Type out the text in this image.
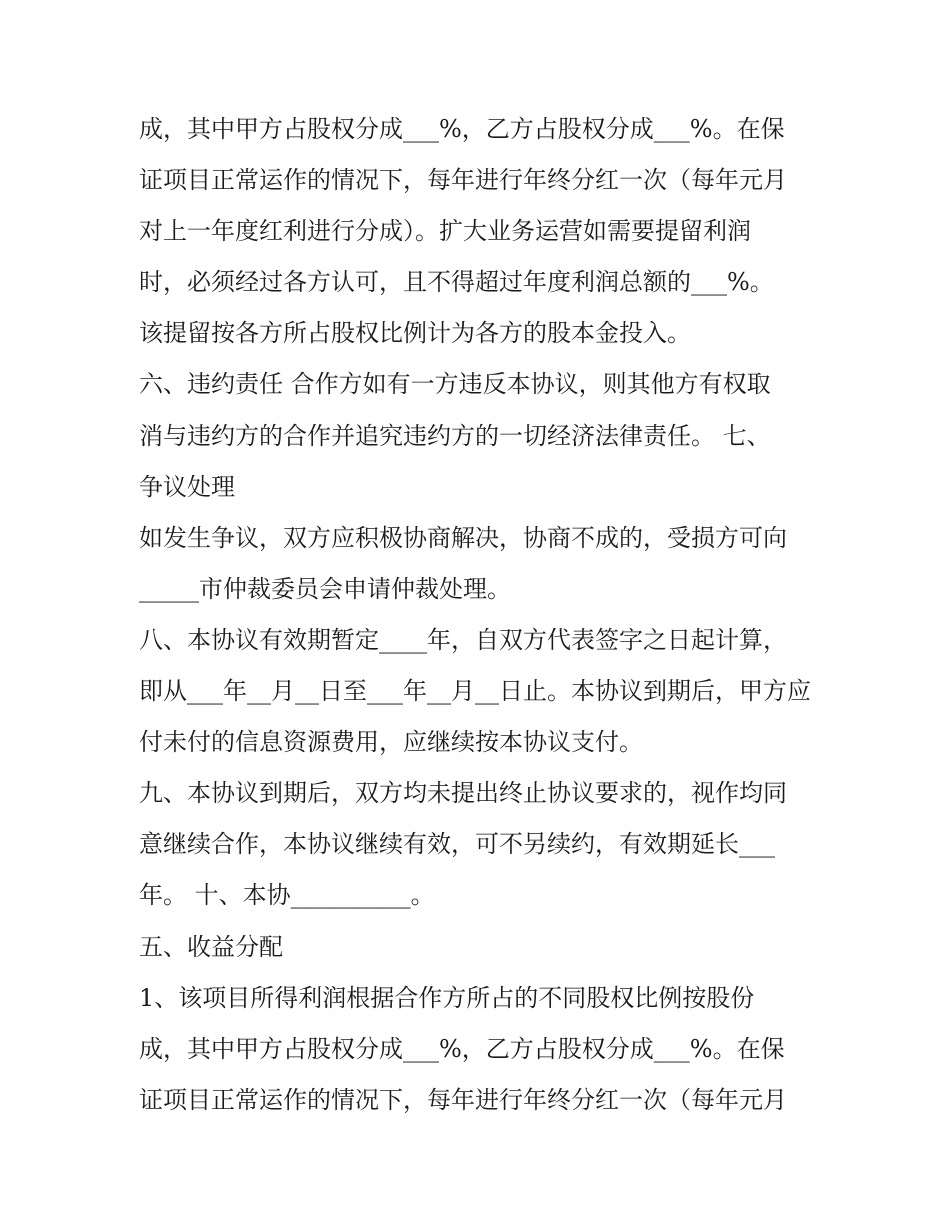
成，其中甲方占股权分成___%，乙方占股权分成___%。在保
证项目正常运作的情况下，每年进行年终分红一次（每年元月
对上一年度红利进行分成）。扩大业务运营如需要提留利润
时，必须经过各方认可，且不得超过年度利润总额的___%。
该提留按各方所占股权比例计为各方的股本金投入。
六、违约责任 合作方如有一方违反本协议，则其他方有权取
消与违约方的合作并追究违约方的一切经济法律责任。 七、
争议处理
如发生争议，双方应积极协商解决，协商不成的，受损方可向
_____市仲裁委员会申请仲裁处理。
八、本协议有效期暂定____年，自双方代表签字之日起计算，
即从___年__月__日至___年__月__日止。本协议到期后，甲方应
付未付的信息资源费用，应继续按本协议支付。
九、本协议到期后，双方均未提出终止协议要求的，视作均同
意继续合作，本协议继续有效，可不另续约，有效期延长___
年。 十、本协__________。
五、收益分配
1、该项目所得利润根据合作方所占的不同股权比例按股份
成，其中甲方占股权分成___%，乙方占股权分成___%。在保
证项目正常运作的情况下，每年进行年终分红一次（每年元月
